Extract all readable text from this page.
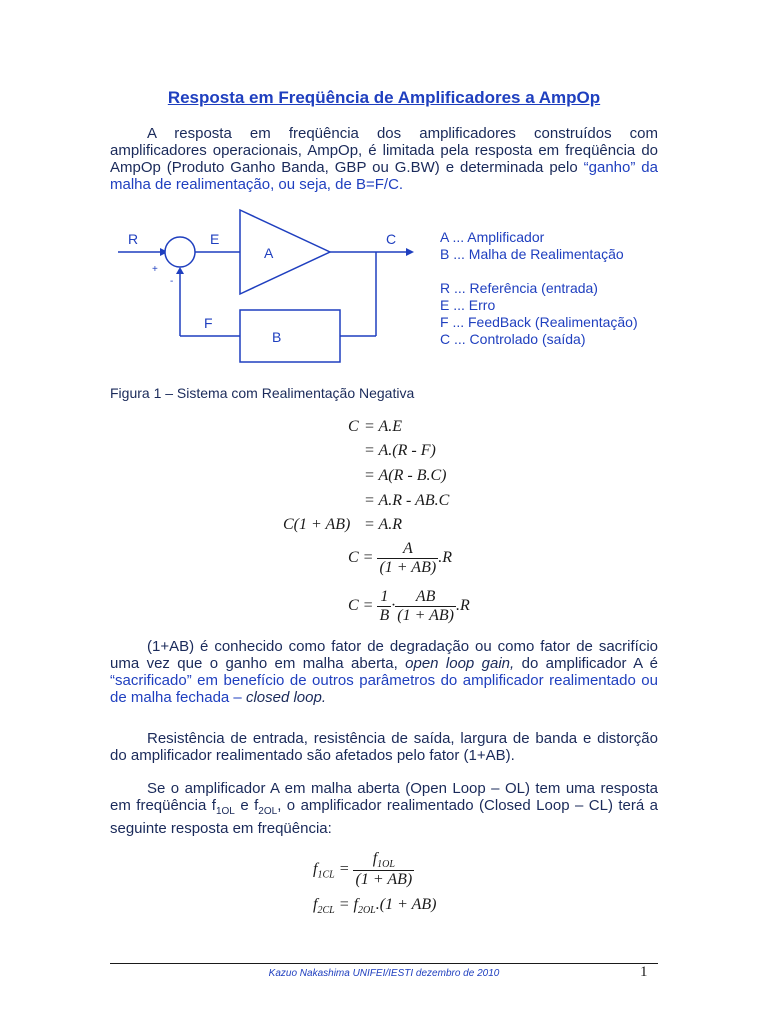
Resposta em Freqüência de Amplificadores a AmpOp
A resposta em freqüência dos amplificadores construídos com amplificadores operacionais, AmpOp, é limitada pela resposta em freqüência do AmpOp (Produto Ganho Banda, GBP ou G.BW) e determinada pelo “ganho” da malha de realimentação, ou seja, de B=F/C.
R	E
A
C
F
B
+
-
A ... Amplificador
B ... Malha de Realimentação
R ... Referência (entrada)
E ... Erro
F ... FeedBack (Realimentação)
C ... Controlado (saída)
Figura 1 – Sistema com Realimentação Negativa
C = A.E
= A.(R - F)
= A(R - B.C)
= A.R - AB.C
C(1 + AB) = A.R
$C = \frac{A}{(1 + AB)} .R$
$C = \frac{1}{B} \cdot \frac{AB}{(1 + AB)} .R$
(1+AB) é conhecido como fator de degradação ou como fator de sacrifício uma vez que o ganho em malha aberta, open loop gain, do amplificador A é “sacrificado” em benefício de outros parâmetros do amplificador realimentado ou de malha fechada – closed loop.
Resistência de entrada, resistência de saída, largura de banda e distorção do amplificador realimentado são afetados pelo fator (1+AB).
Se o amplificador A em malha aberta (Open Loop – OL) tem uma resposta em freqüência $f_{1OL}$ e $f_{2OL}$, o amplificador realimentado (Closed Loop – CL) terá a seguinte resposta em freqüência:
$f_{1CL} = \frac{f_{1OL}}{(1 + AB)}$
$f_{2CL} = f_{2OL}.(1 + AB)$
Kazuo Nakashima UNIFEI/IESTI dezembro de 2010	1
